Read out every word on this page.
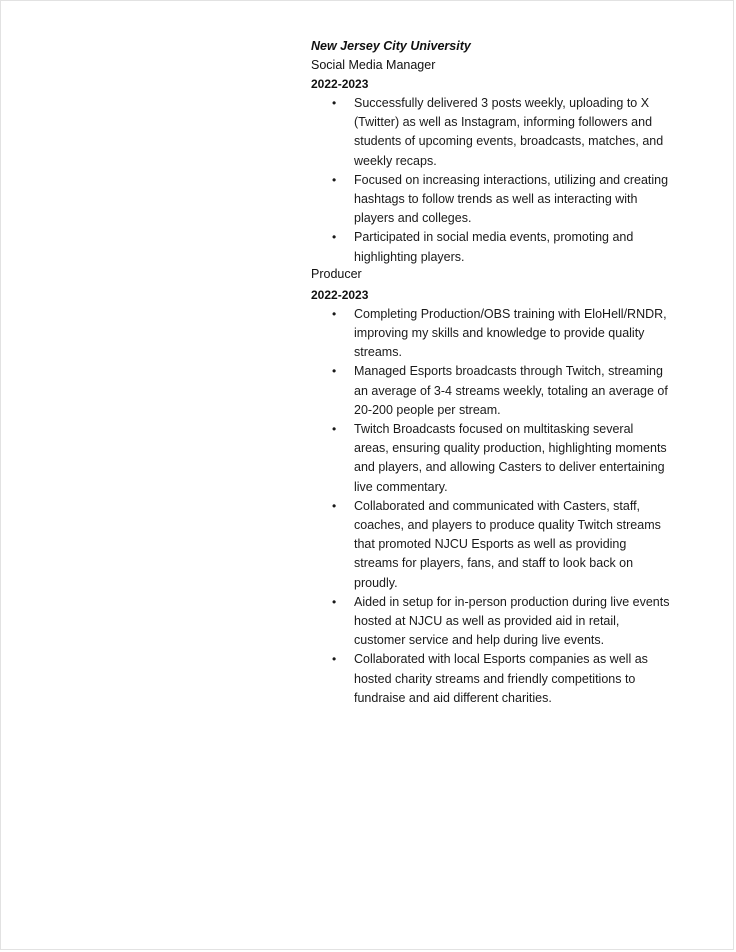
New Jersey City University
Social Media Manager
2022-2023
• Successfully delivered 3 posts weekly, uploading to X (Twitter) as well as Instagram, informing followers and students of upcoming events, broadcasts, matches, and weekly recaps.
• Focused on increasing interactions, utilizing and creating hashtags to follow trends as well as interacting with players and colleges.
• Participated in social media events, promoting and highlighting players.
Producer
2022-2023
• Completing Production/OBS training with EloHell/RNDR, improving my skills and knowledge to provide quality streams.
• Managed Esports broadcasts through Twitch, streaming an average of 3-4 streams weekly, totaling an average of 20-200 people per stream.
• Twitch Broadcasts focused on multitasking several areas, ensuring quality production, highlighting moments and players, and allowing Casters to deliver entertaining live commentary.
• Collaborated and communicated with Casters, staff, coaches, and players to produce quality Twitch streams that promoted NJCU Esports as well as providing streams for players, fans, and staff to look back on proudly.
• Aided in setup for in-person production during live events hosted at NJCU as well as provided aid in retail, customer service and help during live events.
• Collaborated with local Esports companies as well as hosted charity streams and friendly competitions to fundraise and aid different charities.
